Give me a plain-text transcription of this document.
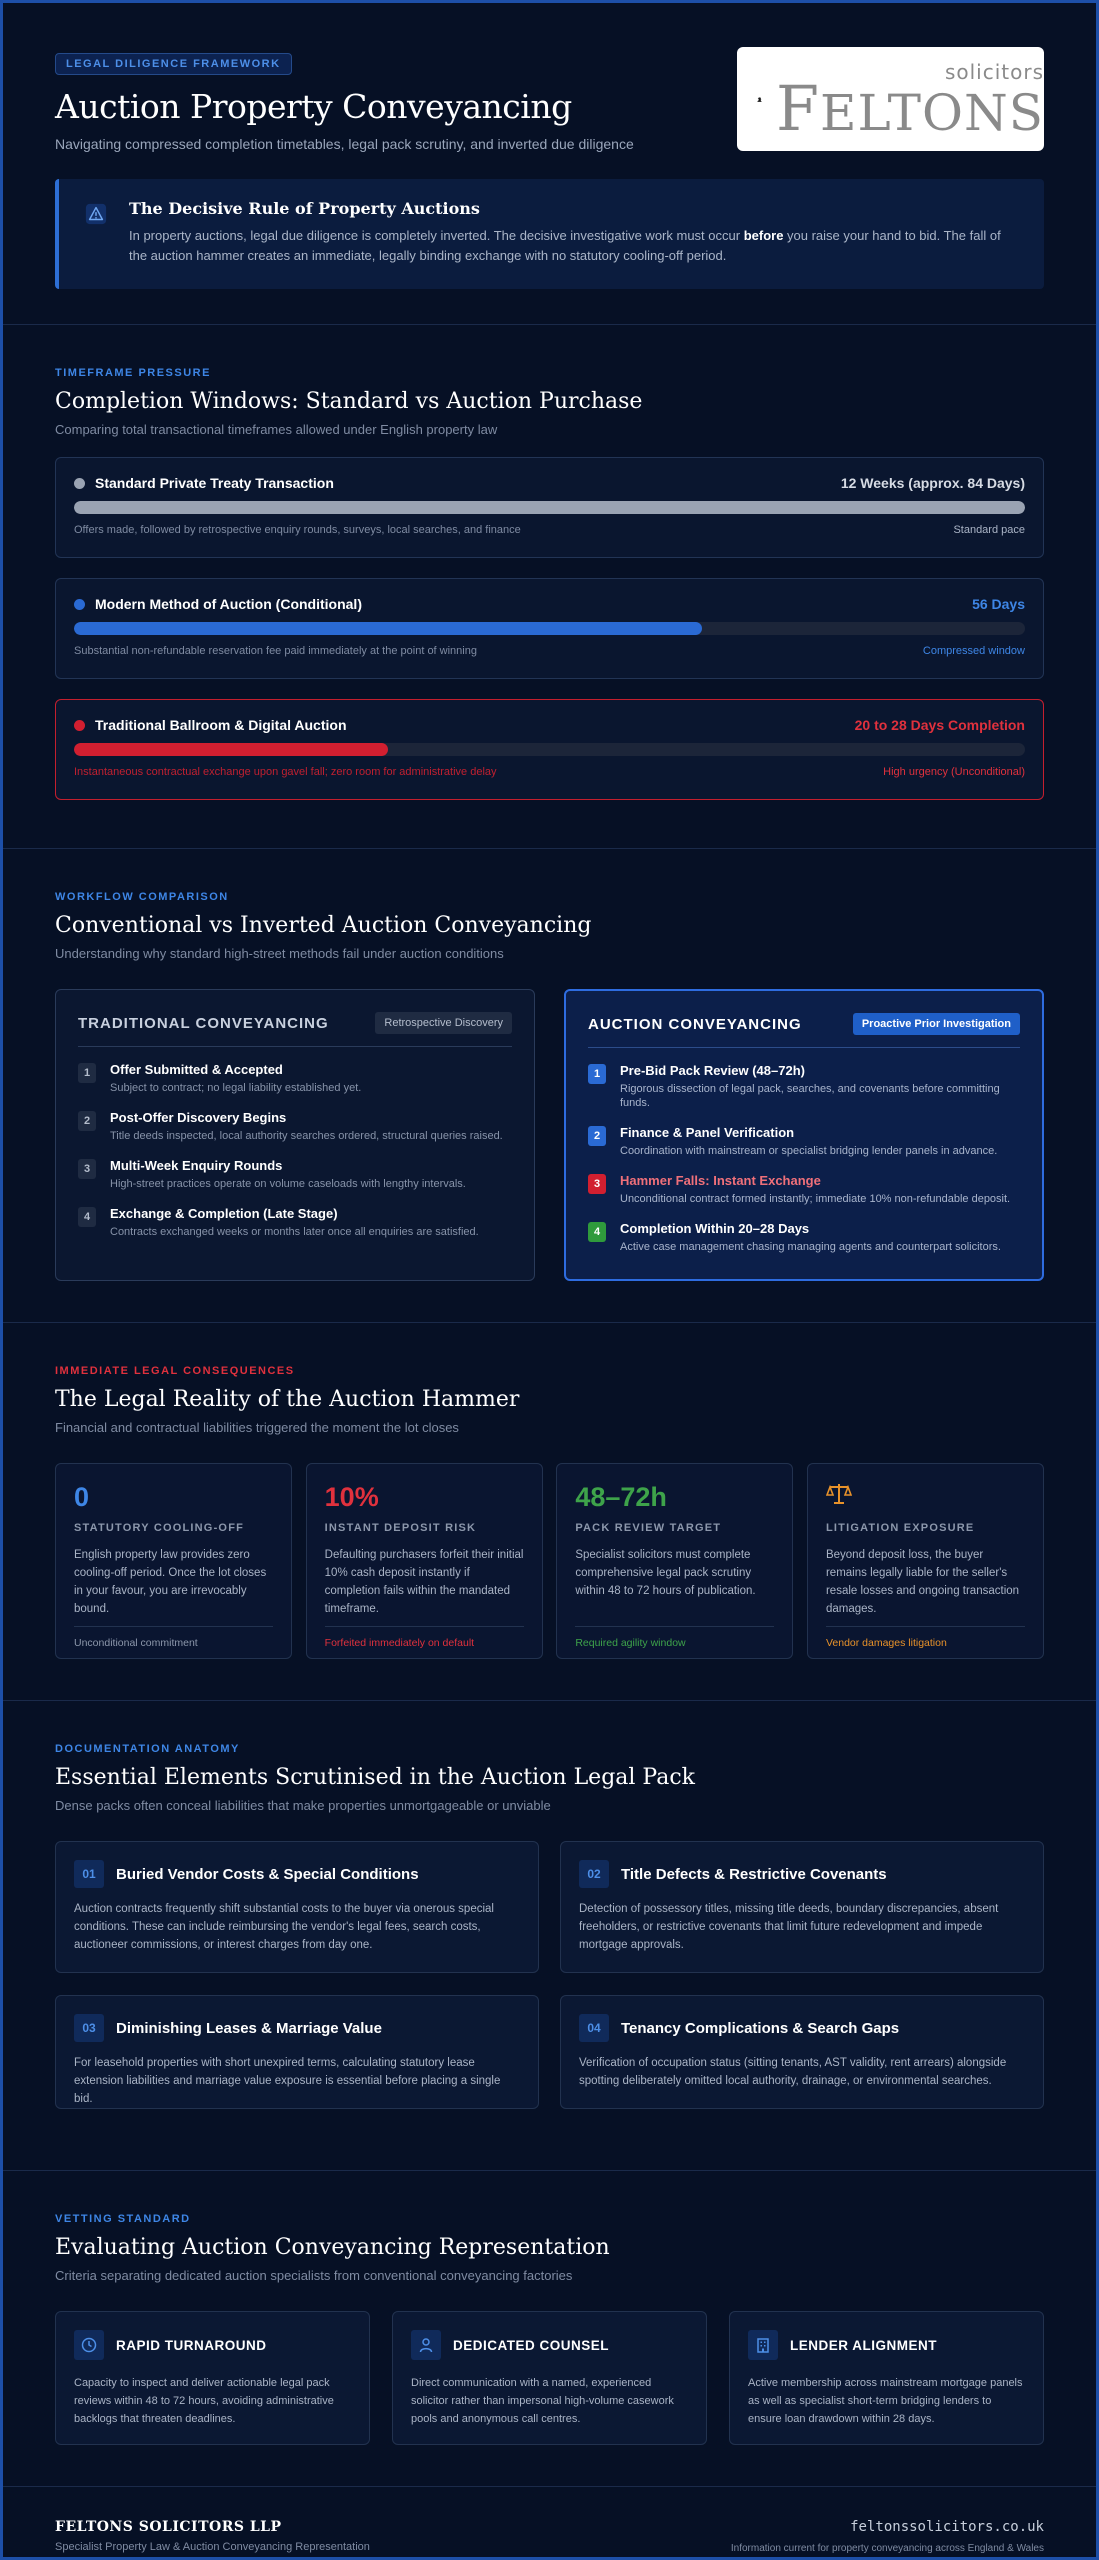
LEGAL DILIGENCE FRAMEWORK
Auction Property Conveyancing
Navigating compressed completion timetables, legal pack scrutiny, and inverted due diligence
solicitors
FELTONS
The Decisive Rule of Property Auctions
In property auctions, legal due diligence is completely inverted. The decisive investigative work must occur before you raise your hand to bid. The fall of the auction hammer creates an immediate, legally binding exchange with no statutory cooling-off period.
TIMEFRAME PRESSURE
Completion Windows: Standard vs Auction Purchase
Comparing total transactional timeframes allowed under English property law
Standard Private Treaty Transaction	12 Weeks (approx. 84 Days)
Offers made, followed by retrospective enquiry rounds, surveys, local searches, and finance	Standard pace
Modern Method of Auction (Conditional)	56 Days
Substantial non-refundable reservation fee paid immediately at the point of winning	Compressed window
Traditional Ballroom & Digital Auction	20 to 28 Days Completion
Instantaneous contractual exchange upon gavel fall; zero room for administrative delay	High urgency (Unconditional)
WORKFLOW COMPARISON
Conventional vs Inverted Auction Conveyancing
Understanding why standard high-street methods fail under auction conditions
TRADITIONAL CONVEYANCING	Retrospective Discovery
1	Offer Submitted & Accepted
Subject to contract; no legal liability established yet.
2	Post-Offer Discovery Begins
Title deeds inspected, local authority searches ordered, structural queries raised.
3	Multi-Week Enquiry Rounds
High-street practices operate on volume caseloads with lengthy intervals.
4	Exchange & Completion (Late Stage)
Contracts exchanged weeks or months later once all enquiries are satisfied.
AUCTION CONVEYANCING	Proactive Prior Investigation
1	Pre-Bid Pack Review (48–72h)
Rigorous dissection of legal pack, searches, and covenants before committing funds.
2	Finance & Panel Verification
Coordination with mainstream or specialist bridging lender panels in advance.
3	Hammer Falls: Instant Exchange
Unconditional contract formed instantly; immediate 10% non-refundable deposit.
4	Completion Within 20–28 Days
Active case management chasing managing agents and counterpart solicitors.
IMMEDIATE LEGAL CONSEQUENCES
The Legal Reality of the Auction Hammer
Financial and contractual liabilities triggered the moment the lot closes
0
STATUTORY COOLING-OFF
English property law provides zero cooling-off period. Once the lot closes in your favour, you are irrevocably bound.
Unconditional commitment
10%
INSTANT DEPOSIT RISK
Defaulting purchasers forfeit their initial 10% cash deposit instantly if completion fails within the mandated timeframe.
Forfeited immediately on default
48–72h
PACK REVIEW TARGET
Specialist solicitors must complete comprehensive legal pack scrutiny within 48 to 72 hours of publication.
Required agility window
LITIGATION EXPOSURE
Beyond deposit loss, the buyer remains legally liable for the seller's resale losses and ongoing transaction damages.
Vendor damages litigation
DOCUMENTATION ANATOMY
Essential Elements Scrutinised in the Auction Legal Pack
Dense packs often conceal liabilities that make properties unmortgageable or unviable
01	Buried Vendor Costs & Special Conditions
Auction contracts frequently shift substantial costs to the buyer via onerous special conditions. These can include reimbursing the vendor's legal fees, search costs, auctioneer commissions, or interest charges from day one.
02	Title Defects & Restrictive Covenants
Detection of possessory titles, missing title deeds, boundary discrepancies, absent freeholders, or restrictive covenants that limit future redevelopment and impede mortgage approvals.
03	Diminishing Leases & Marriage Value
For leasehold properties with short unexpired terms, calculating statutory lease extension liabilities and marriage value exposure is essential before placing a single bid.
04	Tenancy Complications & Search Gaps
Verification of occupation status (sitting tenants, AST validity, rent arrears) alongside spotting deliberately omitted local authority, drainage, or environmental searches.
VETTING STANDARD
Evaluating Auction Conveyancing Representation
Criteria separating dedicated auction specialists from conventional conveyancing factories
RAPID TURNAROUND
Capacity to inspect and deliver actionable legal pack reviews within 48 to 72 hours, avoiding administrative backlogs that threaten deadlines.
DEDICATED COUNSEL
Direct communication with a named, experienced solicitor rather than impersonal high-volume casework pools and anonymous call centres.
LENDER ALIGNMENT
Active membership across mainstream mortgage panels as well as specialist short-term bridging lenders to ensure loan drawdown within 28 days.
FELTONS SOLICITORS LLP
Specialist Property Law & Auction Conveyancing Representation
feltonssolicitors.co.uk
Information current for property conveyancing across England & Wales
